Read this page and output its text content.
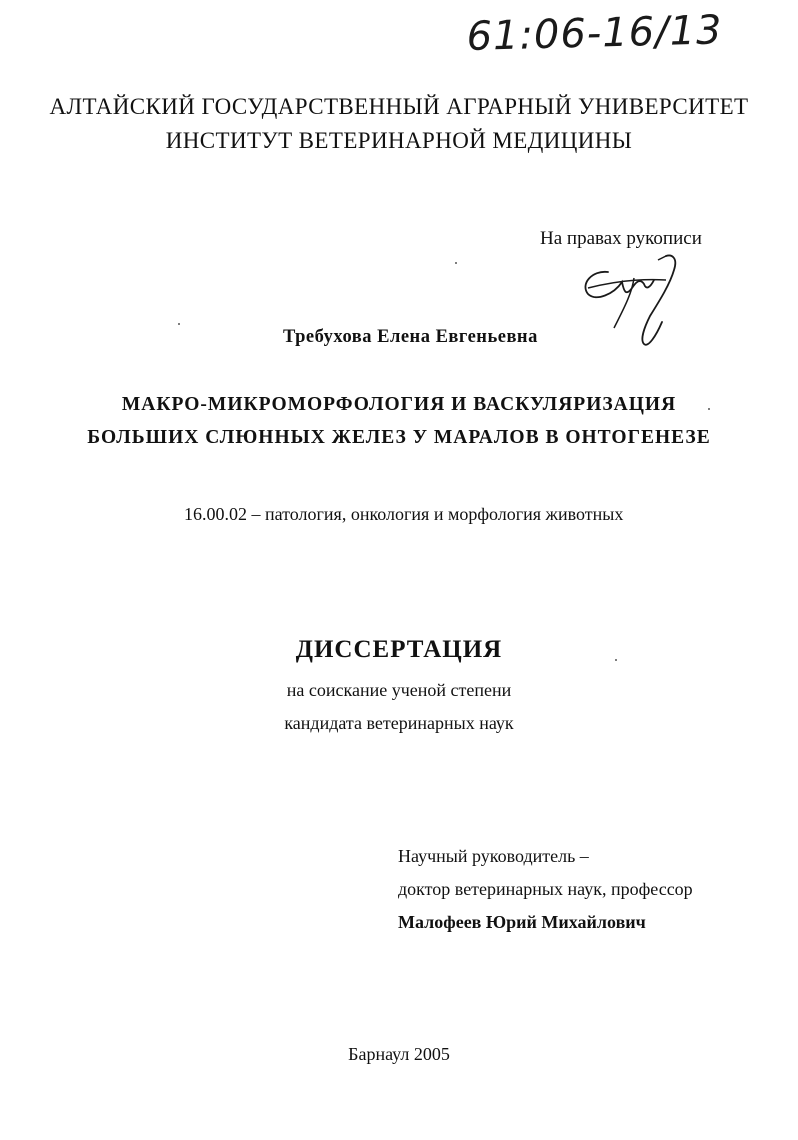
61:06-16/13
АЛТАЙСКИЙ ГОСУДАРСТВЕННЫЙ АГРАРНЫЙ УНИВЕРСИТЕТ
ИНСТИТУТ ВЕТЕРИНАРНОЙ МЕДИЦИНЫ
На правах рукописи
Требухова Елена Евгеньевна
МАКРО-МИКРОМОРФОЛОГИЯ И ВАСКУЛЯРИЗАЦИЯ
БОЛЬШИХ СЛЮННЫХ ЖЕЛЕЗ У МАРАЛОВ В ОНТОГЕНЕЗЕ
16.00.02 – патология, онкология и морфология животных
ДИССЕРТАЦИЯ
на соискание ученой степени
кандидата ветеринарных наук
Научный руководитель –
доктор ветеринарных наук, профессор
Малофеев Юрий Михайлович
Барнаул 2005
